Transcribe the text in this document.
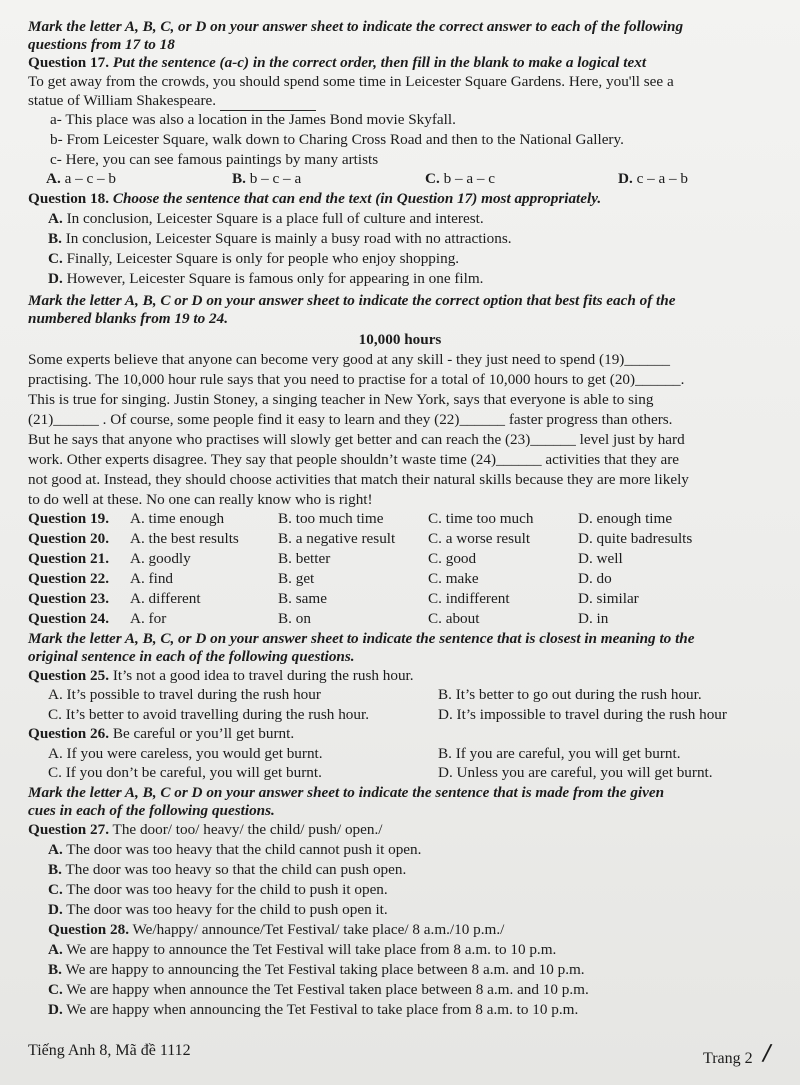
Mark the letter A, B, C, or D on your answer sheet to indicate the correct answer to each of the following
questions from 17 to 18
Question 17. Put the sentence (a-c) in the correct order, then fill in the blank to make a logical text
To get away from the crowds, you should spend some time in Leicester Square Gardens. Here, you'll see a
statue of William Shakespeare.
a- This place was also a location in the James Bond movie Skyfall.
b- From Leicester Square, walk down to Charing Cross Road and then to the National Gallery.
c- Here, you can see famous paintings by many artists
A. a – c – b	B. b – c – a	C. b – a – c	D. c – a – b
Question 18. Choose the sentence that can end the text (in Question 17) most appropriately.
A. In conclusion, Leicester Square is a place full of culture and interest.
B. In conclusion, Leicester Square is mainly a busy road with no attractions.
C. Finally, Leicester Square is only for people who enjoy shopping.
D. However, Leicester Square is famous only for appearing in one film.
Mark the letter A, B, C or D on your answer sheet to indicate the correct option that best fits each of the
numbered blanks from 19 to 24.
10,000 hours
Some experts believe that anyone can become very good at any skill - they just need to spend (19)______
practising. The 10,000 hour rule says that you need to practise for a total of 10,000 hours to get (20)______.
This is true for singing. Justin Stoney, a singing teacher in New York, says that everyone is able to sing
(21)______ . Of course, some people find it easy to learn and they (22)______ faster progress than others.
But he says that anyone who practises will slowly get better and can reach the (23)______ level just by hard
work. Other experts disagree. They say that people shouldn’t waste time (24)______ activities that they are
not good at. Instead, they should choose activities that match their natural skills because they are more likely
to do well at these. No one can really know who is right!
Question 19. A. time enough	B. too much time	C. time too much	D. enough time
Question 20. A. the best results	B. a negative result C. a worse result	D. quite badresults
Question 21. A. goodly	B. better	C. good	D. well
Question 22. A. find	B. get	C. make	D. do
Question 23. A. different	B. same	C. indifferent	D. similar
Question 24. A. for	B. on	C. about	D. in
Mark the letter A, B, C, or D on your answer sheet to indicate the sentence that is closest in meaning to the
original sentence in each of the following questions.
Question 25. It’s not a good idea to travel during the rush hour.
A. It’s possible to travel during the rush hour	B. It’s better to go out during the rush hour.
C. It’s better to avoid travelling during the rush hour.	D. It’s impossible to travel during the rush hour
Question 26. Be careful or you’ll get burnt.
A. If you were careless, you would get burnt.	B. If you are careful, you will get burnt.
C. If you don’t be careful, you will get burnt.	D. Unless you are careful, you will get burnt.
Mark the letter A, B, C or D on your answer sheet to indicate the sentence that is made from the given
cues in each of the following questions.
Question 27. The door/ too/ heavy/ the child/ push/ open./
A. The door was too heavy that the child cannot push it open.
B. The door was too heavy so that the child can push open.
C. The door was too heavy for the child to push it open.
D. The door was too heavy for the child to push open it.
Question 28. We/happy/ announce/Tet Festival/ take place/ 8 a.m./10 p.m./
A. We are happy to announce the Tet Festival will take place from 8 a.m. to 10 p.m.
B. We are happy to announcing the Tet Festival taking place between 8 a.m. and 10 p.m.
C. We are happy when announce the Tet Festival taken place between 8 a.m. and 10 p.m.
D. We are happy when announcing the Tet Festival to take place from 8 a.m. to 10 p.m.
Tiếng Anh 8, Mã đề 1112	Trang 2 /
